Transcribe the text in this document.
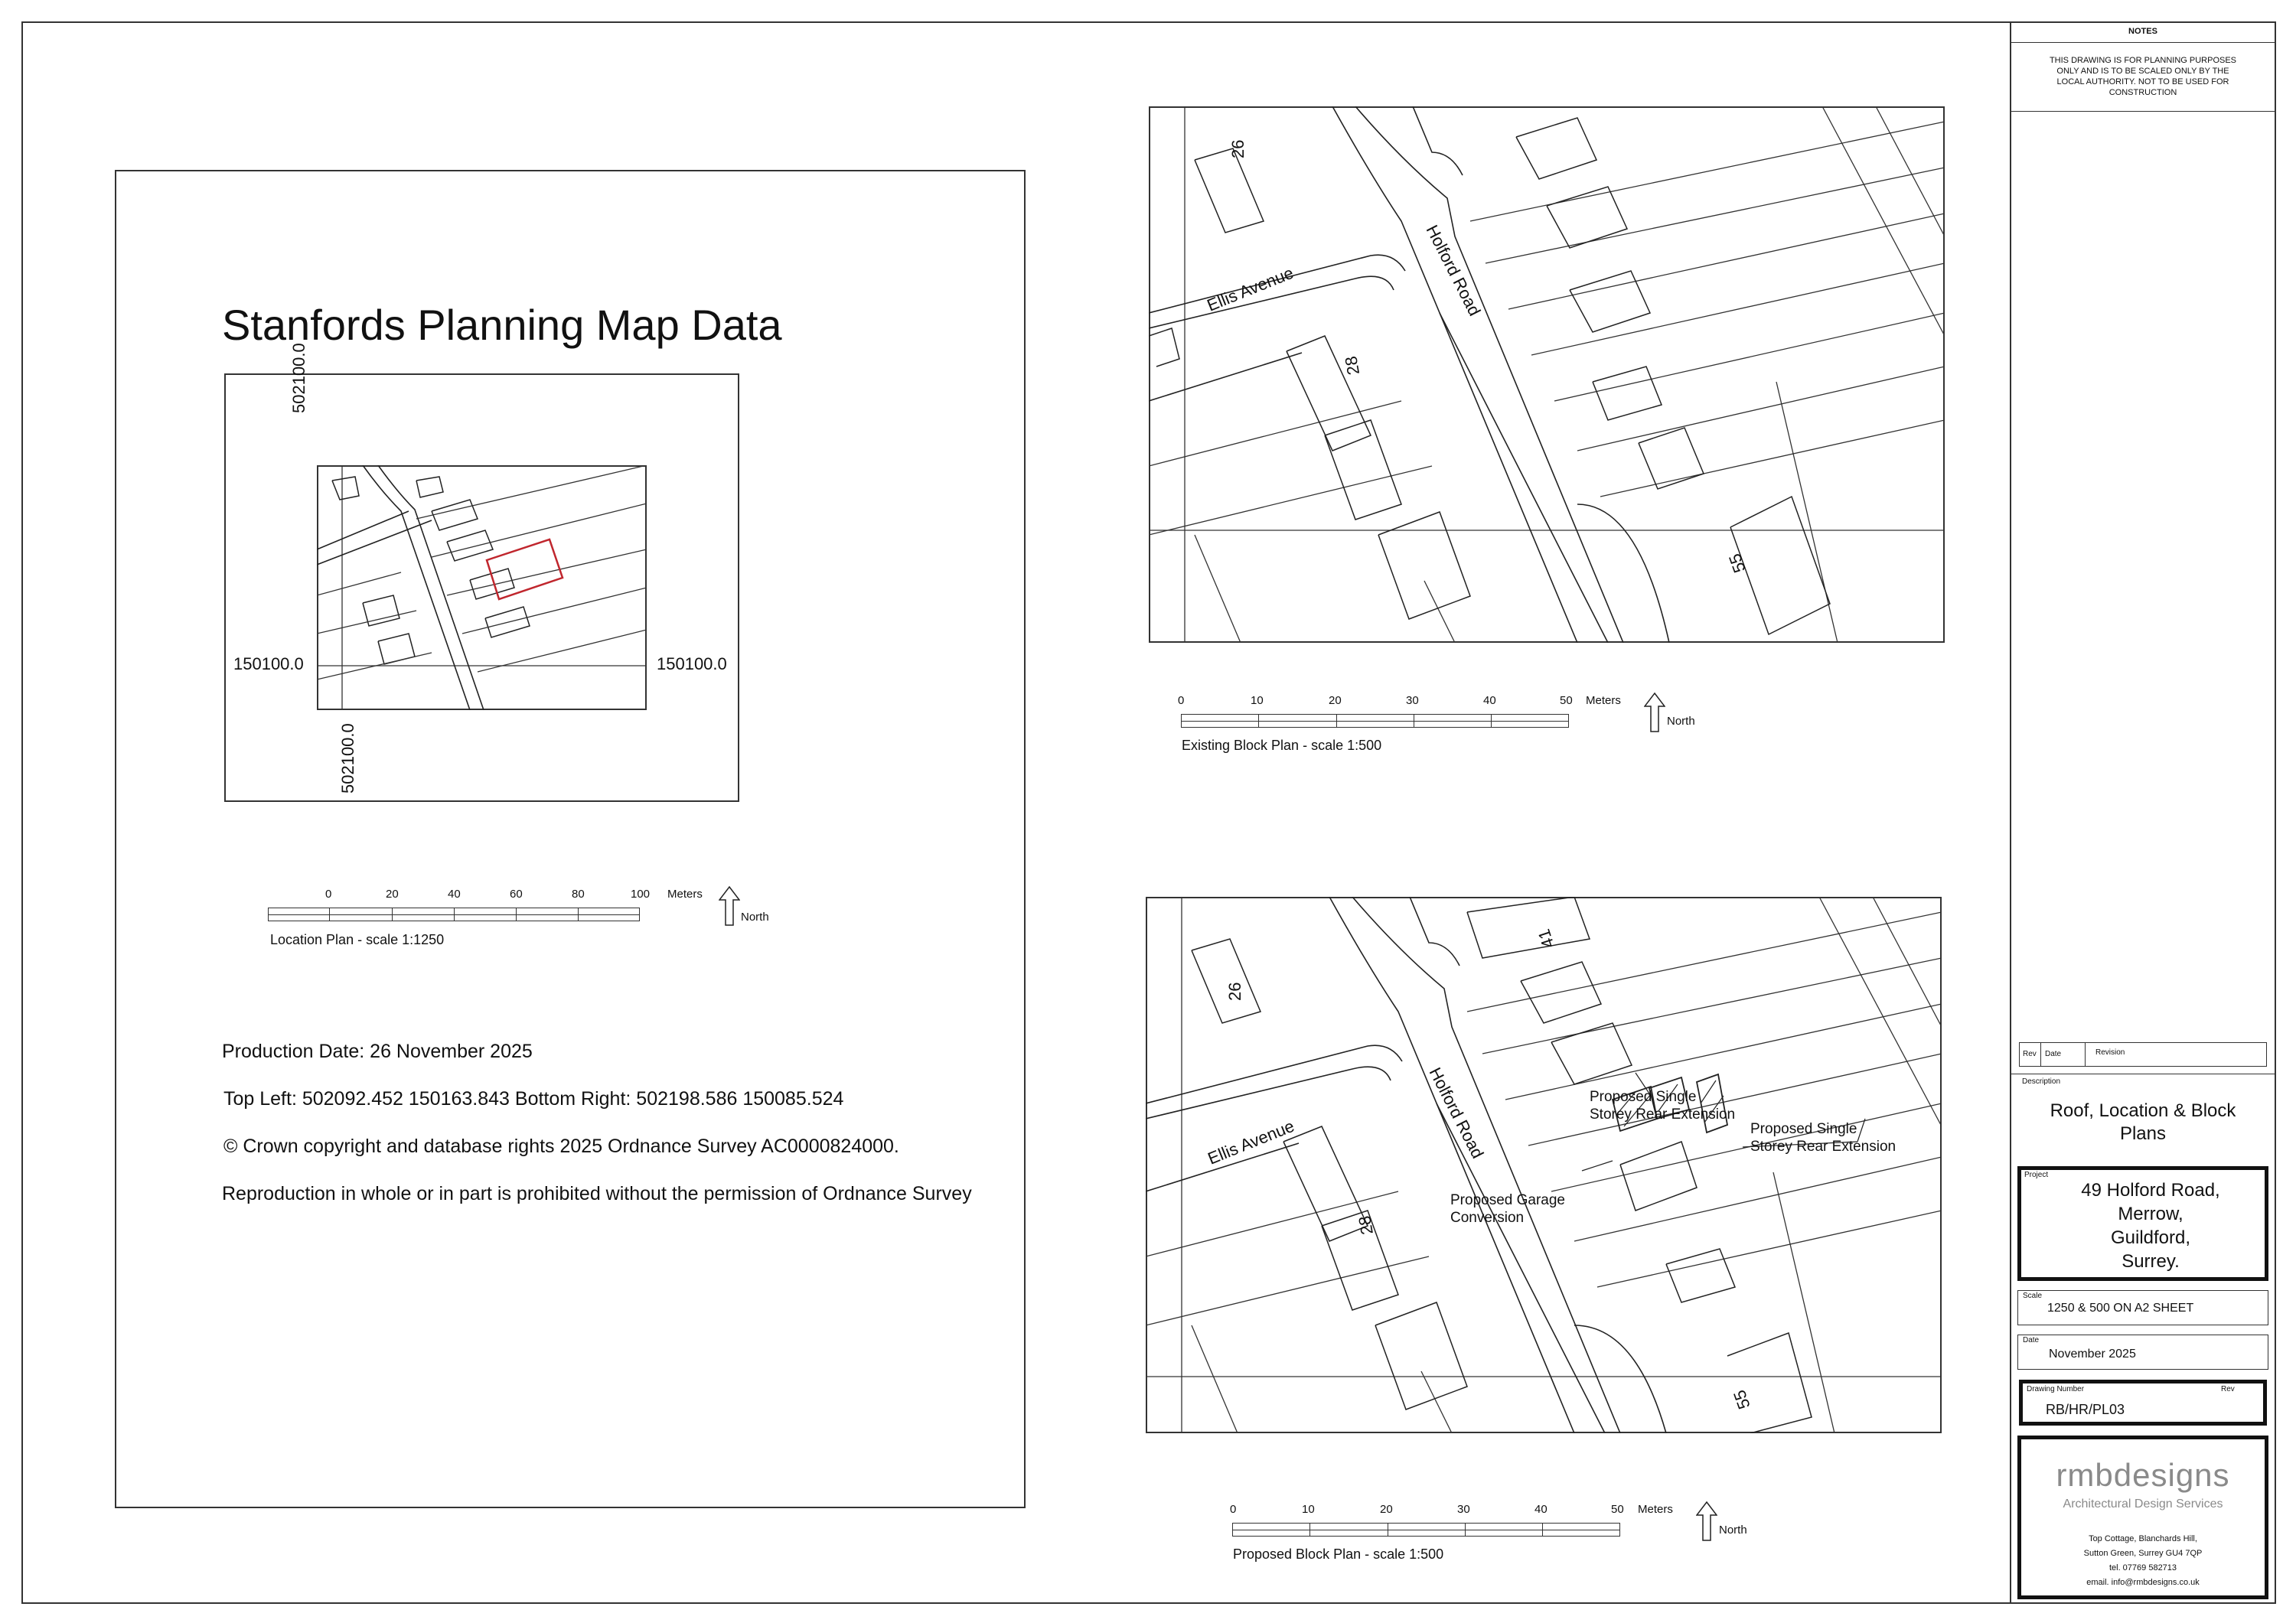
Stanfords Planning Map Data
502100.0
502100.0
150100.0	150100.0
0	20	40	60	80	100 Meters
North
Location Plan - scale 1:1250
Production Date: 26 November 2025
Top Left: 502092.452 150163.843 Bottom Right: 502198.586 150085.524
© Crown copyright and database rights 2025 Ordnance Survey AC0000824000.
Reproduction in whole or in part is prohibited without the permission of Ordnance Survey
Ellis Avenue	Holford Road
26
28
55
0	10	20	30	40	50 Meters
North
Existing Block Plan - scale 1:500
Ellis Avenue	Holford Road
26
28
41
55
Proposed Single Storey Rear Extension
Proposed Single Storey Rear Extension
Proposed Garage Conversion
0	10	20	30	40	50 Meters
North
Proposed Block Plan - scale 1:500
NOTES
THIS DRAWING IS FOR PLANNING PURPOSES
ONLY AND IS TO BE SCALED ONLY BY THE
LOCAL AUTHORITY. NOT TO BE USED FOR
CONSTRUCTION
Rev Date	Revision
Description
Roof, Location & Block
Plans
Project
49 Holford Road,
Merrow,
Guildford,
Surrey.
Scale
1250 & 500 ON A2 SHEET
Date
November 2025
Drawing Number	Rev
RB/HR/PL03
rmbdesigns
Architectural Design Services
Top Cottage, Blanchards Hill,
Sutton Green, Surrey GU4 7QP
tel. 07769 582713
email. info@rmbdesigns.co.uk
